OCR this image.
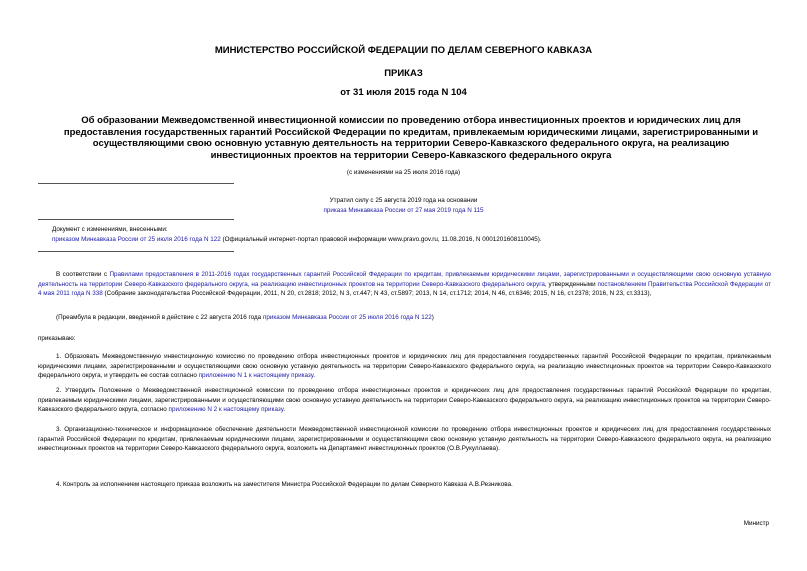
МИНИСТЕРСТВО РОССИЙСКОЙ ФЕДЕРАЦИИ ПО ДЕЛАМ СЕВЕРНОГО КАВКАЗА
ПРИКАЗ
от 31 июля 2015 года N 104
Об образовании Межведомственной инвестиционной комиссии по проведению отбора инвестиционных проектов и юридических лиц для предоставления государственных гарантий Российской Федерации по кредитам, привлекаемым юридическими лицами, зарегистрированными и осуществляющими свою основную уставную деятельность на территории Северо-Кавказского федерального округа, на реализацию инвестиционных проектов на территории Северо-Кавказского федерального округа
(с изменениями на 25 июля 2016 года)
Утратил силу с 25 августа 2019 года на основании
приказа Минкавказа России от 27 мая 2019 года N 115
Документ с изменениями, внесенными:
приказом Минкавказа России от 25 июля 2016 года N 122 (Официальный интернет-портал правовой информации www.pravo.gov.ru, 11.08.2016, N 0001201608110045).
В соответствии с Правилами предоставления в 2011-2016 годах государственных гарантий Российской Федерации по кредитам, привлекаемым юридическими лицами, зарегистрированными и осуществляющими свою основную уставную деятельность на территории Северо-Кавказского федерального округа, на реализацию инвестиционных проектов на территории Северо-Кавказского федерального округа, утвержденными постановлением Правительства Российской Федерации от 4 мая 2011 года N 338 (Собрание законодательства Российской Федерации, 2011, N 20, ст.2818; 2012, N 3, ст.447; N 43, ст.5897; 2013, N 14, ст.1712; 2014, N 46, ст.6346; 2015, N 16, ст.2378; 2016, N 23, ст.3313),
(Преамбула в редакции, введенной в действие с 22 августа 2016 года приказом Минкавказа России от 25 июля 2016 года N 122)
приказываю:
1. Образовать Межведомственную инвестиционную комиссию по проведению отбора инвестиционных проектов и юридических лиц для предоставления государственных гарантий Российской Федерации по кредитам, привлекаемым юридическими лицами, зарегистрированными и осуществляющими свою основную уставную деятельность на территории Северо-Кавказского федерального округа, на реализацию инвестиционных проектов на территории Северо-Кавказского федерального округа, и утвердить ее состав согласно приложению N 1 к настоящему приказу.
2. Утвердить Положение о Межведомственной инвестиционной комиссии по проведению отбора инвестиционных проектов и юридических лиц для предоставления государственных гарантий Российской Федерации по кредитам, привлекаемым юридическими лицами, зарегистрированными и осуществляющими свою основную уставную деятельность на территории Северо-Кавказского федерального округа, на реализацию инвестиционных проектов на территории Северо-Кавказского федерального округа, согласно приложению N 2 к настоящему приказу.
3. Организационно-техническое и информационное обеспечение деятельности Межведомственной инвестиционной комиссии по проведению отбора инвестиционных проектов и юридических лиц для предоставления государственных гарантий Российской Федерации по кредитам, привлекаемым юридическими лицами, зарегистрированными и осуществляющими свою основную уставную деятельность на территории Северо-Кавказского федерального округа, на реализацию инвестиционных проектов на территории Северо-Кавказского федерального округа, возложить на Департамент инвестиционных проектов (О.В.Рукуллаева).
4. Контроль за исполнением настоящего приказа возложить на заместителя Министра Российской Федерации по делам Северного Кавказа А.В.Резникова.
Министр
